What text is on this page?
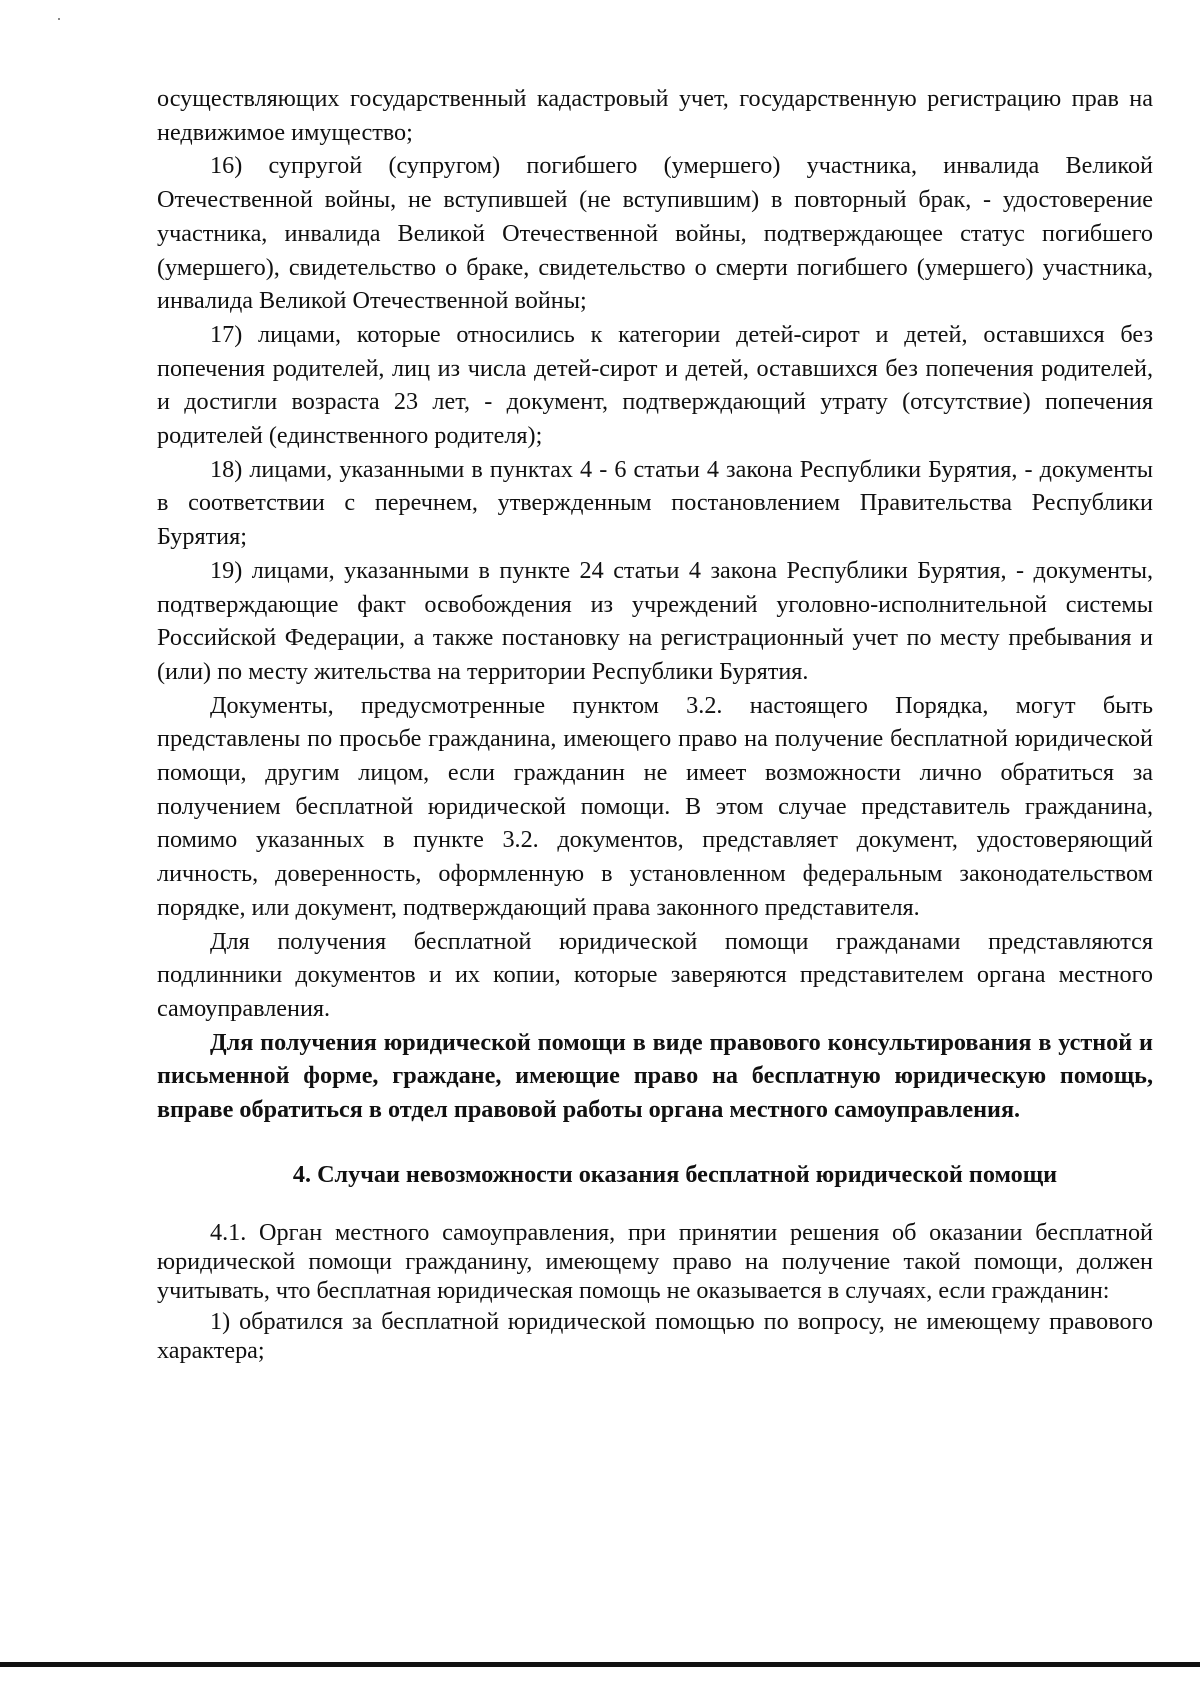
осуществляющих государственный кадастровый учет, государственную регистрацию прав на недвижимое имущество;

16) супругой (супругом) погибшего (умершего) участника, инвалида Великой Отечественной войны, не вступившей (не вступившим) в повторный брак, - удостоверение участника, инвалида Великой Отечественной войны, подтверждающее статус погибшего (умершего), свидетельство о браке, свидетельство о смерти погибшего (умершего) участника, инвалида Великой Отечественной войны;

17) лицами, которые относились к категории детей-сирот и детей, оставшихся без попечения родителей, лиц из числа детей-сирот и детей, оставшихся без попечения родителей, и достигли возраста 23 лет, - документ, подтверждающий утрату (отсутствие) попечения родителей (единственного родителя);

18) лицами, указанными в пунктах 4 - 6 статьи 4 закона Республики Бурятия, - документы в соответствии с перечнем, утвержденным постановлением Правительства Республики Бурятия;

19) лицами, указанными в пункте 24 статьи 4 закона Республики Бурятия, - документы, подтверждающие факт освобождения из учреждений уголовно-исполнительной системы Российской Федерации, а также постановку на регистрационный учет по месту пребывания и (или) по месту жительства на территории Республики Бурятия.

Документы, предусмотренные пунктом 3.2. настоящего Порядка, могут быть представлены по просьбе гражданина, имеющего право на получение бесплатной юридической помощи, другим лицом, если гражданин не имеет возможности лично обратиться за получением бесплатной юридической помощи. В этом случае представитель гражданина, помимо указанных в пункте 3.2. документов, представляет документ, удостоверяющий личность, доверенность, оформленную в установленном федеральным законодательством порядке, или документ, подтверждающий права законного представителя.

Для получения бесплатной юридической помощи гражданами представляются подлинники документов и их копии, которые заверяются представителем органа местного самоуправления.

Для получения юридической помощи в виде правового консультирования в устной и письменной форме, граждане, имеющие право на бесплатную юридическую помощь, вправе обратиться в отдел правовой работы органа местного самоуправления.

4. Случаи невозможности оказания бесплатной юридической помощи

4.1. Орган местного самоуправления, при принятии решения об оказании бесплатной юридической помощи гражданину, имеющему право на получение такой помощи, должен учитывать, что бесплатная юридическая помощь не оказывается в случаях, если гражданин:

1) обратился за бесплатной юридической помощью по вопросу, не имеющему правового характера;
